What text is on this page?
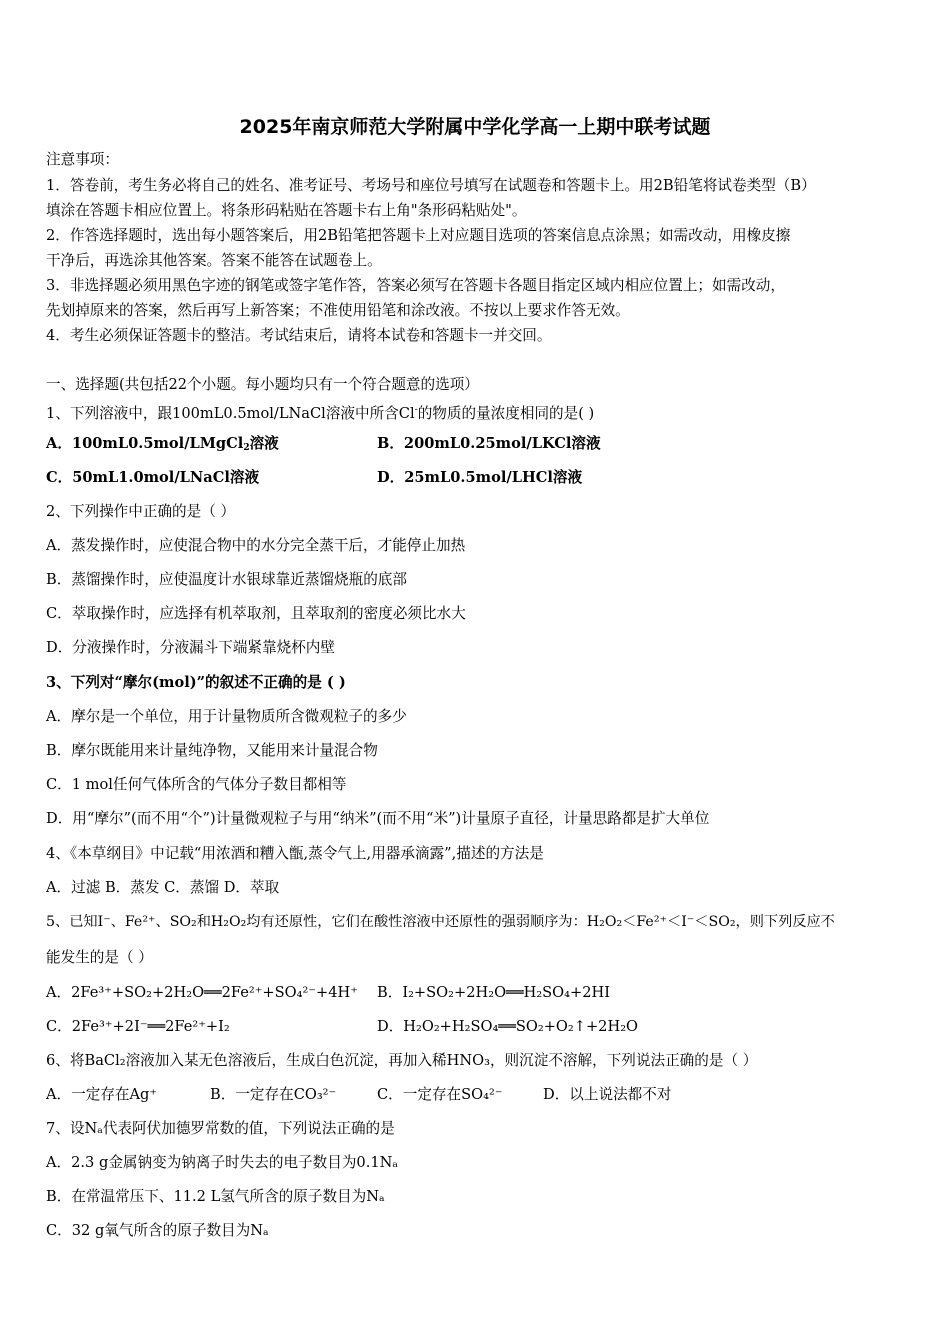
2025年南京师范大学附属中学化学高一上期中联考试题
注意事项：
1．答卷前，考生务必将自己的姓名、准考证号、考场号和座位号填写在试题卷和答题卡上。用2B铅笔将试卷类型（B）
填涂在答题卡相应位置上。将条形码粘贴在答题卡右上角"条形码粘贴处"。
2．作答选择题时，选出每小题答案后，用2B铅笔把答题卡上对应题目选项的答案信息点涂黑；如需改动，用橡皮擦
干净后，再选涂其他答案。答案不能答在试题卷上。
3．非选择题必须用黑色字迹的钢笔或签字笔作答，答案必须写在答题卡各题目指定区域内相应位置上；如需改动，
先划掉原来的答案，然后再写上新答案；不准使用铅笔和涂改液。不按以上要求作答无效。
4．考生必须保证答题卡的整洁。考试结束后，请将本试卷和答题卡一并交回。
一、选择题(共包括22个小题。每小题均只有一个符合题意的选项）
1、下列溶液中，跟100mL0.5mol/LNaCl溶液中所含Cl-的物质的量浓度相同的是( )
A．100mL0.5mol/LMgCl$_2$溶液	B．200mL0.25mol/LKCl溶液
C．50mL1.0mol/LNaCl溶液	D．25mL0.5mol/LHCl溶液
2、下列操作中正确的是（ ）
A．蒸发操作时，应使混合物中的水分完全蒸干后，才能停止加热
B．蒸馏操作时，应使温度计水银球靠近蒸馏烧瓶的底部
C．萃取操作时，应选择有机萃取剂，且萃取剂的密度必须比水大
D．分液操作时，分液漏斗下端紧靠烧杯内壁
3、下列对“摩尔(mol)”的叙述不正确的是 ( )
A．摩尔是一个单位，用于计量物质所含微观粒子的多少
B．摩尔既能用来计量纯净物，又能用来计量混合物
C．1 mol任何气体所含的气体分子数目都相等
D．用“摩尔”(而不用“个”)计量微观粒子与用“纳米”(而不用“米”)计量原子直径，计量思路都是扩大单位
4、《本草纲目》中记载“用浓酒和糟入甑,蒸令气上,用器承滴露”,描述的方法是
A．过滤 B．蒸发 C．蒸馏 D．萃取
5、已知I⁻、Fe²⁺、SO₂和H₂O₂均有还原性，它们在酸性溶液中还原性的强弱顺序为：H₂O₂＜Fe²⁺＜I⁻＜SO₂，则下列反应不
能发生的是（ ）
A．2Fe³⁺+SO₂+2H₂O══2Fe²⁺+SO₄²⁻+4H⁺ B．I₂+SO₂+2H₂O══H₂SO₄+2HI
C．2Fe³⁺+2I⁻══2Fe²⁺+I₂	D．H₂O₂+H₂SO₄══SO₂+O₂↑+2H₂O
6、将BaCl₂溶液加入某无色溶液后，生成白色沉淀，再加入稀HNO₃，则沉淀不溶解，下列说法正确的是（ ）
A．一定存在Ag⁺	B．一定存在CO₃²⁻	C．一定存在SO₄²⁻	D．以上说法都不对
7、设Nₐ代表阿伏加德罗常数的值，下列说法正确的是
A．2.3 g金属钠变为钠离子时失去的电子数目为0.1Nₐ
B．在常温常压下、11.2 L氢气所含的原子数目为Nₐ
C．32 g氧气所含的原子数目为Nₐ
